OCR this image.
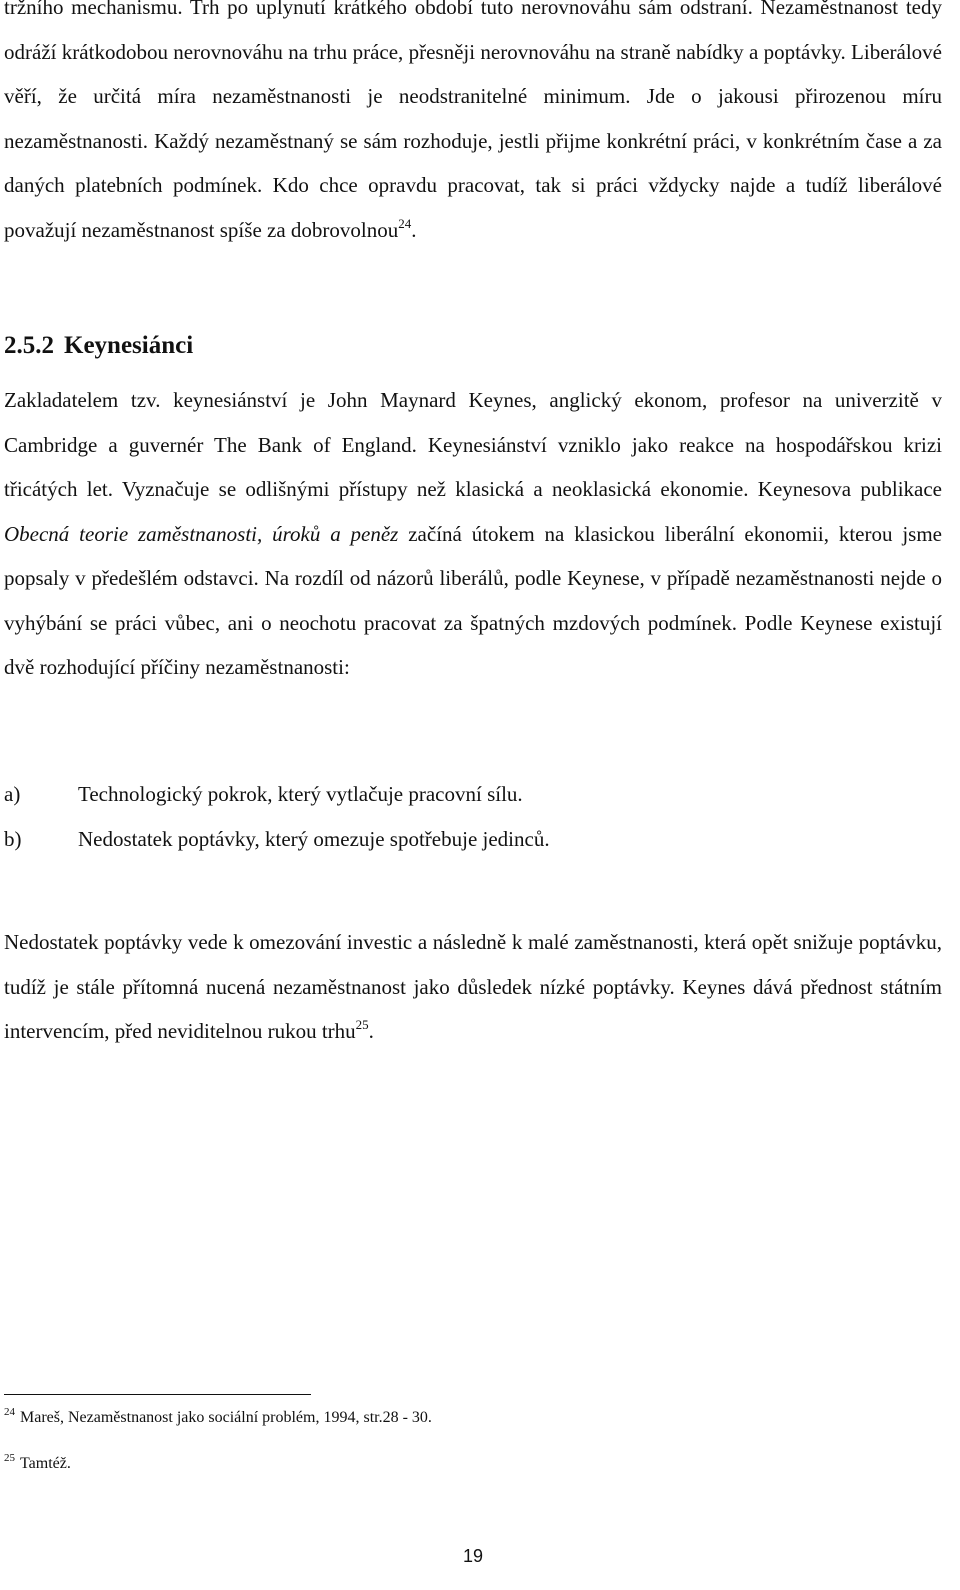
tržního mechanismu. Trh po uplynutí krátkého období tuto nerovnováhu sám odstraní. Nezaměstnanost tedy odráží krátkodobou nerovnováhu na trhu práce, přesněji nerovnováhu na straně nabídky a poptávky. Liberálové věří, že určitá míra nezaměstnanosti je neodstranitelné minimum. Jde o jakousi přirozenou míru nezaměstnanosti. Každý nezaměstnaný se sám rozhoduje, jestli přijme konkrétní práci, v konkrétním čase a za daných platebních podmínek. Kdo chce opravdu pracovat, tak si práci vždycky najde a tudíž liberálové považují nezaměstnanost spíše za dobrovolnou$^{24}$.

2.5.2 Keynesiánci

Zakladatelem tzv. keynesiánství je John Maynard Keynes, anglický ekonom, profesor na univerzitě v Cambridge a guvernér The Bank of England. Keynesiánství vzniklo jako reakce na hospodářskou krizi třicátých let. Vyznačuje se odlišnými přístupy než klasická a neoklasická ekonomie. Keynesova publikace Obecná teorie zaměstnanosti, úroků a peněz začíná útokem na klasickou liberální ekonomii, kterou jsme popsaly v předešlém odstavci. Na rozdíl od názorů liberálů, podle Keynese, v případě nezaměstnanosti nejde o vyhýbání se práci vůbec, ani o neochotu pracovat za špatných mzdových podmínek. Podle Keynese existují dvě rozhodující příčiny nezaměstnanosti:

a)	Technologický pokrok, který vytlačuje pracovní sílu.
b)	Nedostatek poptávky, který omezuje spotřebuje jedinců.

Nedostatek poptávky vede k omezování investic a následně k malé zaměstnanosti, která opět snižuje poptávku, tudíž je stále přítomná nucená nezaměstnanost jako důsledek nízké poptávky. Keynes dává přednost státním intervencím, před neviditelnou rukou trhu$^{25}$.

$^{24}$ Mareš, Nezaměstnanost jako sociální problém, 1994, str.28 - 30.
$^{25}$ Tamtéž.
19
